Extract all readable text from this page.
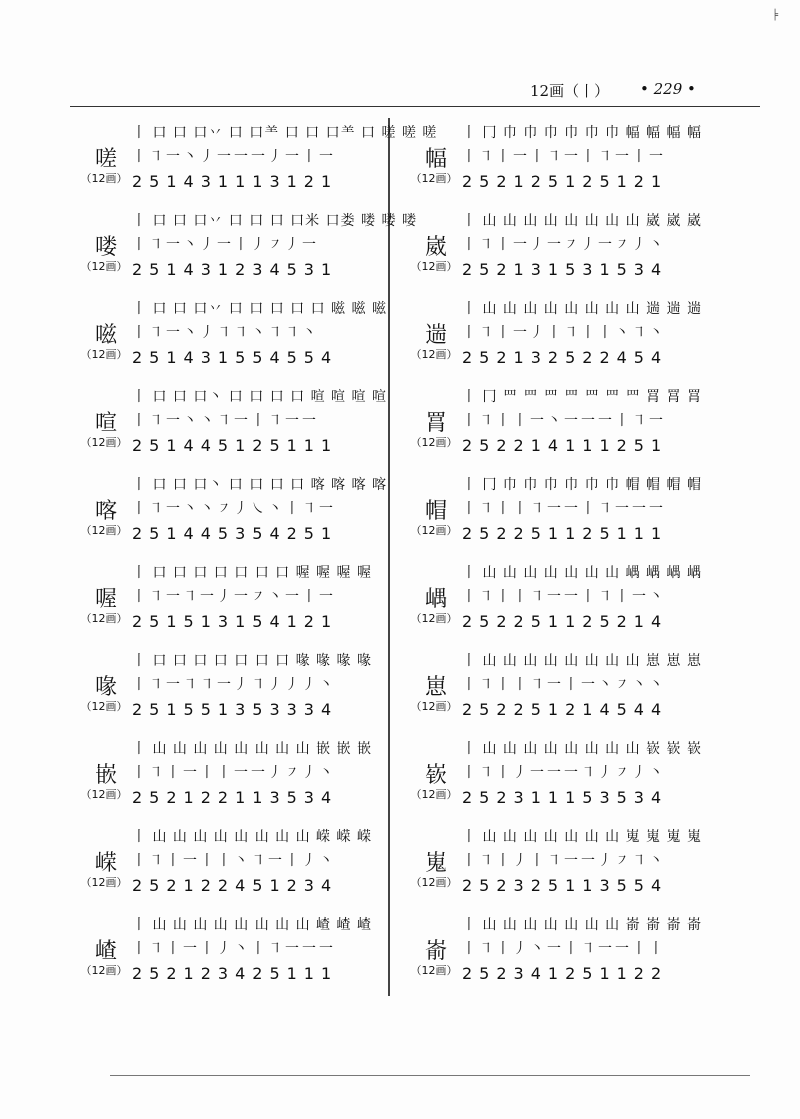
╞
12画（丨） • 229 •
嗟
（12画）
丨 口 口 口丷 口 口⺷ 口 口 口⺷ 口 嗟 嗟 嗟
丨㇕一丶丿一一一丿一丨一
251431113121
喽
（12画）
丨 口 口 口丷 口 口 口 口米 口娄 喽 喽 喽
丨㇕一丶丿一丨丿㇇丿一
251431234531
嗞
（12画）
丨 口 口 口丷 口 口 口 口 口 嗞 嗞 嗞
丨㇕一丶丿㇕㇕丶㇕㇕丶
251431554554
喧
（12画）
丨 口 口 口丶 口 口 口 口 喧 喧 喧 喧
丨㇕一丶丶㇕一丨㇕一一
251445125111
喀
（12画）
丨 口 口 口丶 口 口 口 口 喀 喀 喀 喀
丨㇕一丶丶㇇丿㇏丶丨㇕一
251445354251
喔
（12画）
丨 口 口 口 口 口 口 口 喔 喔 喔 喔
丨㇕一㇕一丿一㇇丶一丨一
251513154121
喙
（12画）
丨 口 口 口 口 口 口 口 喙 喙 喙 喙
丨㇕一㇕㇕一丿㇕丿丿丿丶
251551353334
嵌
（12画）
丨 山 山 山 山 山 山 山 山 嵌 嵌 嵌
丨㇕丨一丨丨一一丿㇇丿丶
252122113534
嵘
（12画）
丨 山 山 山 山 山 山 山 山 嵘 嵘 嵘
丨㇕丨一丨丨丶㇕一丨丿丶
252122451234
嵖
（12画）
丨 山 山 山 山 山 山 山 山 嵖 嵖 嵖
丨㇕丨一丨丿丶丨㇕一一一
252123425111
幅
（12画）
丨 冂 巾 巾 巾 巾 巾 巾 幅 幅 幅 幅
丨㇕丨一丨㇕一丨㇕一丨一
252125125121
崴
（12画）
丨 山 山 山 山 山 山 山 山 崴 崴 崴
丨㇕丨一丿一㇇丿一㇇丿丶
252131531534
遄
（12画）
丨 山 山 山 山 山 山 山 山 遄 遄 遄
丨㇕丨一丿丨㇕丨丨丶㇕丶
252132522454
罥
（12画）
丨 冂 罒 罒 罒 罒 罒 罒 罒 罥 罥 罥
丨㇕丨丨一丶一一一丨㇕一
252214111251
帽
（12画）
丨 冂 巾 巾 巾 巾 巾 巾 帽 帽 帽 帽
丨㇕丨丨㇕一一丨㇕一一一
252251125111
嵎
（12画）
丨 山 山 山 山 山 山 山 嵎 嵎 嵎 嵎
丨㇕丨丨㇕一一丨㇕丨一丶
252251125214
崽
（12画）
丨 山 山 山 山 山 山 山 山 崽 崽 崽
丨㇕丨丨㇕一丨一丶㇇丶丶
252251214544
嵚
（12画）
丨 山 山 山 山 山 山 山 山 嵚 嵚 嵚
丨㇕丨丿一一一㇕丿㇇丿丶
252311153534
嵬
（12画）
丨 山 山 山 山 山 山 山 嵬 嵬 嵬 嵬
丨㇕丨丿丨㇕一一丿㇇㇕丶
252325113554
嵛
（12画）
丨 山 山 山 山 山 山 山 嵛 嵛 嵛 嵛
丨㇕丨丿丶一丨㇕一一丨丨
252341251122
